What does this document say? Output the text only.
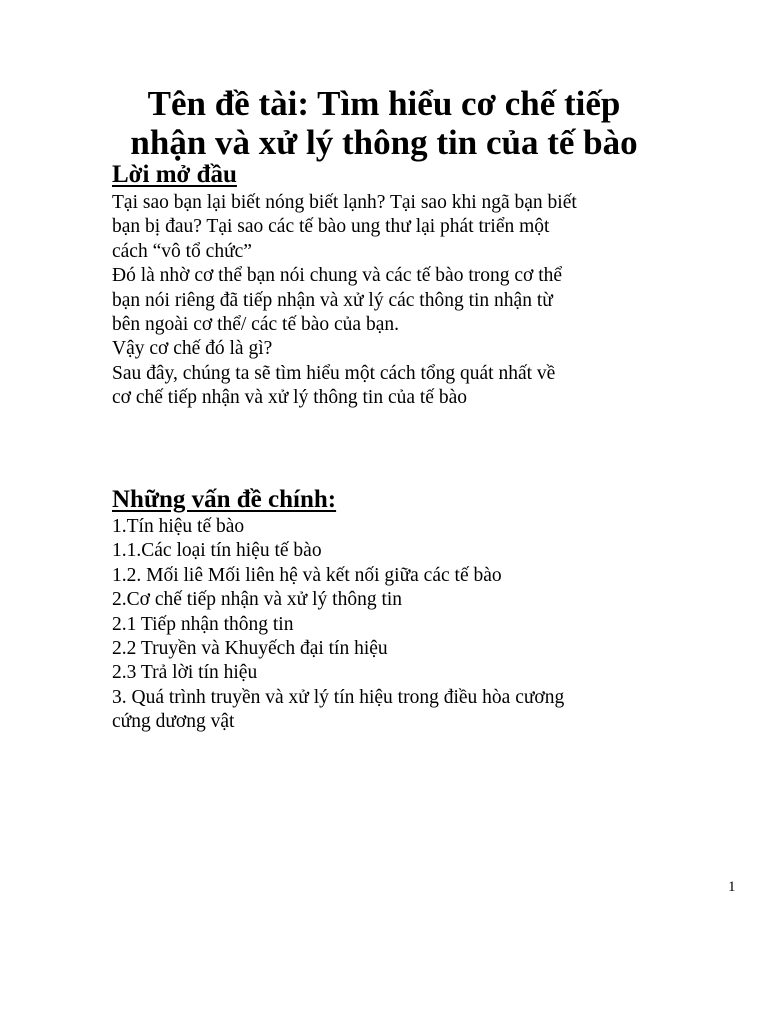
Tên đề tài: Tìm hiểu cơ chế tiếp
nhận và xử lý thông tin của tế bào
Lời mở đầu
Tại sao bạn lại biết nóng biết lạnh? Tại sao khi ngã bạn biết
bạn bị đau? Tại sao các tế bào ung thư lại phát triển một
cách “vô tổ chức”
Đó là nhờ cơ thể bạn nói chung và các tế bào trong cơ thể
bạn nói riêng đã tiếp nhận và xử lý các thông tin nhận từ
bên ngoài cơ thể/ các tế bào của bạn.
Vậy cơ chế đó là gì?
Sau đây, chúng ta sẽ tìm hiểu một cách tổng quát nhất về
cơ chế tiếp nhận và xử lý thông tin của tế bào
Những vấn đề chính:
1.Tín hiệu tế bào
1.1.Các loại tín hiệu tế bào
1.2. Mối liê Mối liên hệ và kết nối giữa các tế bào
2.Cơ chế tiếp nhận và xử lý thông tin
2.1 Tiếp nhận thông tin
2.2 Truyền và Khuyếch đại tín hiệu
2.3 Trả lời tín hiệu
3. Quá trình truyền và xử lý tín hiệu trong điều hòa cương
cứng dương vật
1
